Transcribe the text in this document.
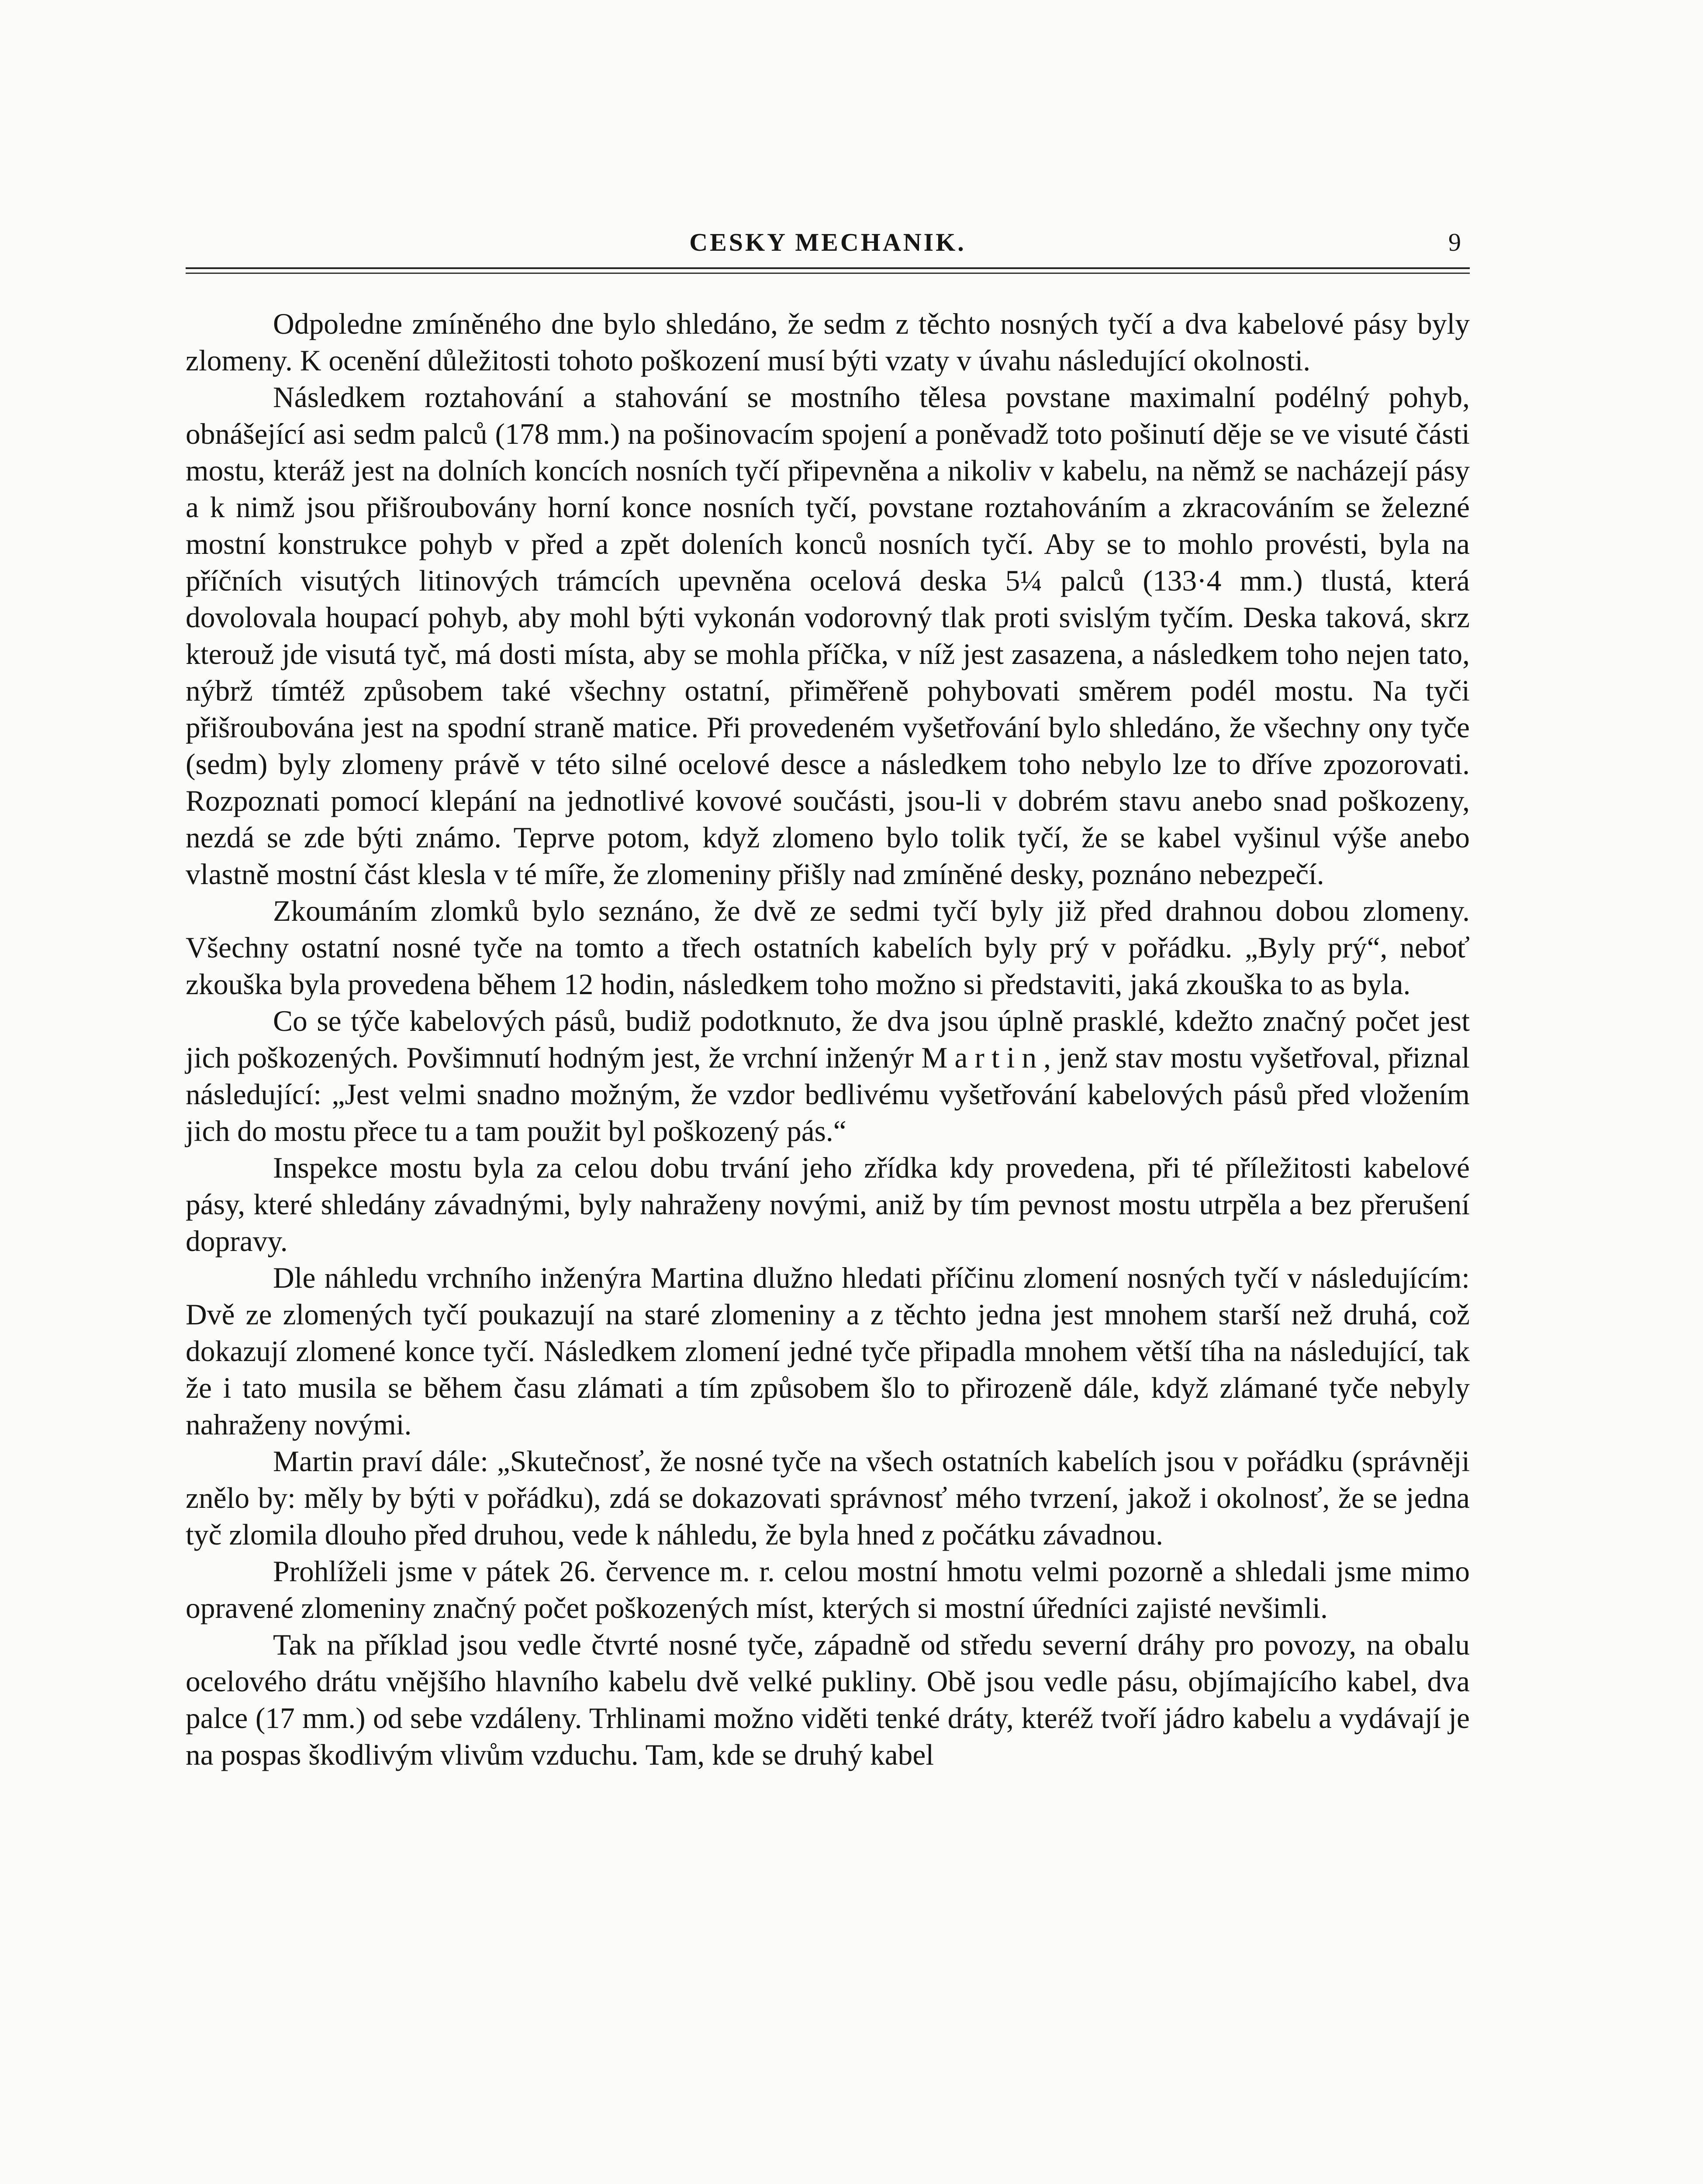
CESKY MECHANIK.	9

Odpoledne zmíněného dne bylo shledáno, že sedm z těchto nosných tyčí a dva kabelové pásy byly zlomeny. K ocenění důležitosti tohoto poškození musí býti vzaty v úvahu následující okolnosti.

Následkem roztahování a stahování se mostního tělesa povstane maximalní podélný pohyb, obnášející asi sedm palců (178 mm.) na pošinovacím spojení a poněvadž toto pošinutí děje se ve visuté části mostu, kteráž jest na dolních koncích nosních tyčí připevněna a nikoliv v kabelu, na němž se nacházejí pásy a k nimž jsou přišroubovány horní konce nosních tyčí, povstane roztahováním a zkracováním se železné mostní konstrukce pohyb v před a zpět doleních konců nosních tyčí. Aby se to mohlo provésti, byla na příčních visutých litinových trámcích upevněna ocelová deska 5¼ palců (133·4 mm.) tlustá, která dovolovala houpací pohyb, aby mohl býti vykonán vodorovný tlak proti svislým tyčím. Deska taková, skrz kterouž jde visutá tyč, má dosti místa, aby se mohla příčka, v níž jest zasazena, a následkem toho nejen tato, nýbrž tímtéž způsobem také všechny ostatní, přiměřeně pohybovati směrem podél mostu. Na tyči přišroubována jest na spodní straně matice. Při provedeném vyšetřování bylo shledáno, že všechny ony tyče (sedm) byly zlomeny právě v této silné ocelové desce a následkem toho nebylo lze to dříve zpozorovati. Rozpoznati pomocí klepání na jednotlivé kovové součásti, jsou-li v dobrém stavu anebo snad poškozeny, nezdá se zde býti známo. Teprve potom, když zlomeno bylo tolik tyčí, že se kabel vyšinul výše anebo vlastně mostní část klesla v té míře, že zlomeniny přišly nad zmíněné desky, poznáno nebezpečí.

Zkoumáním zlomků bylo seznáno, že dvě ze sedmi tyčí byly již před drahnou dobou zlomeny. Všechny ostatní nosné tyče na tomto a třech ostatních kabelích byly prý v pořádku. „Byly prý“, neboť zkouška byla provedena během 12 hodin, následkem toho možno si představiti, jaká zkouška to as byla.

Co se týče kabelových pásů, budiž podotknuto, že dva jsou úplně prasklé, kdežto značný počet jest jich poškozených. Povšimnutí hodným jest, že vrchní inženýr Martin, jenž stav mostu vyšetřoval, přiznal následující: „Jest velmi snadno možným, že vzdor bedlivému vyšetřování kabelových pásů před vložením jich do mostu přece tu a tam použit byl poškozený pás.“

Inspekce mostu byla za celou dobu trvání jeho zřídka kdy provedena, při té příležitosti kabelové pásy, které shledány závadnými, byly nahraženy novými, aniž by tím pevnost mostu utrpěla a bez přerušení dopravy.

Dle náhledu vrchního inženýra Martina dlužno hledati příčinu zlomení nosných tyčí v následujícím: Dvě ze zlomených tyčí poukazují na staré zlomeniny a z těchto jedna jest mnohem starší než druhá, což dokazují zlomené konce tyčí. Následkem zlomení jedné tyče připadla mnohem větší tíha na následující, tak že i tato musila se během času zlámati a tím způsobem šlo to přirozeně dále, když zlámané tyče nebyly nahraženy novými.

Martin praví dále: „Skutečnosť, že nosné tyče na všech ostatních kabelích jsou v pořádku (správněji znělo by: měly by býti v pořádku), zdá se dokazovati správnosť mého tvrzení, jakož i okolnosť, že se jedna tyč zlomila dlouho před druhou, vede k náhledu, že byla hned z počátku závadnou.

Prohlíželi jsme v pátek 26. července m. r. celou mostní hmotu velmi pozorně a shledali jsme mimo opravené zlomeniny značný počet poškozených míst, kterých si mostní úředníci zajisté nevšimli.

Tak na příklad jsou vedle čtvrté nosné tyče, západně od středu severní dráhy pro povozy, na obalu ocelového drátu vnějšího hlavního kabelu dvě velké pukliny. Obě jsou vedle pásu, objímajícího kabel, dva palce (17 mm.) od sebe vzdáleny. Trhlinami možno viděti tenké dráty, kteréž tvoří jádro kabelu a vydávají je na pospas škodlivým vlivům vzduchu. Tam, kde se druhý kabel
